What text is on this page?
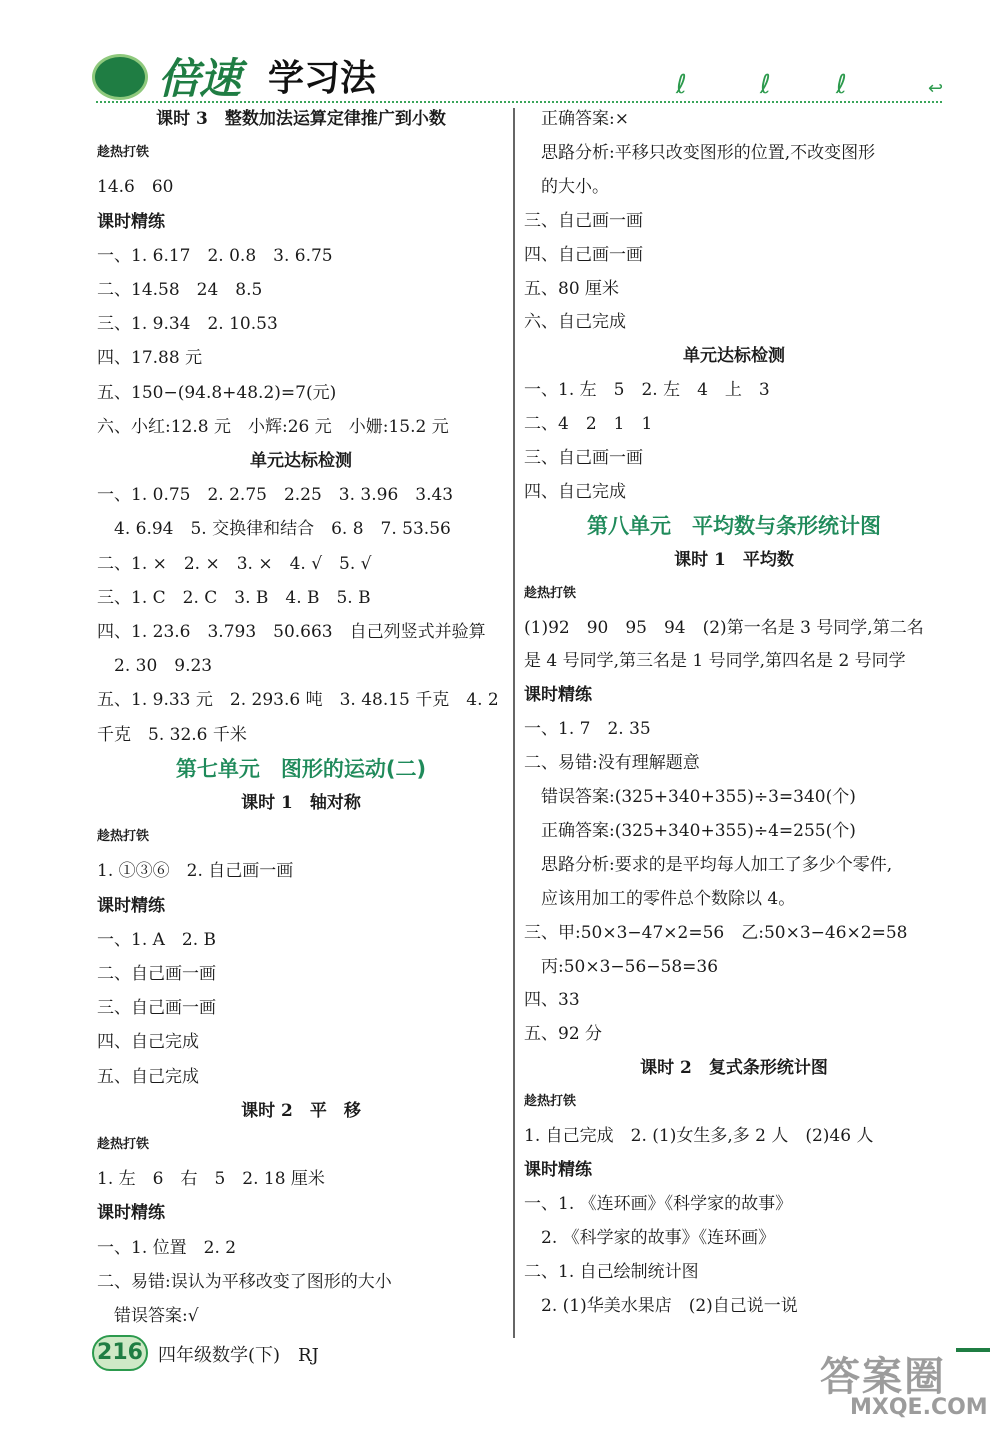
倍速 学习法	ℓ	ℓ	ℓ	↩
课时 3　整数加法运算定律推广到小数
趁热打铁
14.6　60
课时精练
一、1. 6.17　2. 0.8　3. 6.75
二、14.58　24　8.5
三、1. 9.34　2. 10.53
四、17.88 元
五、150−(94.8+48.2)=7(元)
六、小红:12.8 元　小辉:26 元　小姗:15.2 元
单元达标检测
一、1. 0.75　2. 2.75　2.25　3. 3.96　3.43
　4. 6.94　5. 交换律和结合　6. 8　7. 53.56
二、1. ×　2. ×　3. ×　4. √　5. √
三、1. C　2. C　3. B　4. B　5. B
四、1. 23.6　3.793　50.663　自己列竖式并验算
　2. 30　9.23
五、1. 9.33 元　2. 293.6 吨　3. 48.15 千克　4. 2
千克　5. 32.6 千米
第七单元　图形的运动(二)
课时 1　轴对称
趁热打铁
1. ①③⑥　2. 自己画一画
课时精练
一、1. A　2. B
二、自己画一画
三、自己画一画
四、自己完成
五、自己完成
课时 2　平　移
趁热打铁
1. 左　6　右　5　2. 18 厘米
课时精练
一、1. 位置　2. 2
二、易错:误认为平移改变了图形的大小
　错误答案:√
　正确答案:×
　思路分析:平移只改变图形的位置,不改变图形
　的大小。
三、自己画一画
四、自己画一画
五、80 厘米
六、自己完成
单元达标检测
一、1. 左　5　2. 左　4　上　3
二、4　2　1　1
三、自己画一画
四、自己完成
第八单元　平均数与条形统计图
课时 1　平均数
趁热打铁
(1)92　90　95　94　(2)第一名是 3 号同学,第二名
是 4 号同学,第三名是 1 号同学,第四名是 2 号同学
课时精练
一、1. 7　2. 35
二、易错:没有理解题意
　错误答案:(325+340+355)÷3=340(个)
　正确答案:(325+340+355)÷4=255(个)
　思路分析:要求的是平均每人加工了多少个零件,
　应该用加工的零件总个数除以 4。
三、甲:50×3−47×2=56　乙:50×3−46×2=58
　丙:50×3−56−58=36
四、33
五、92 分
课时 2　复式条形统计图
趁热打铁
1. 自己完成　2. (1)女生多,多 2 人　(2)46 人
课时精练
一、1. 《连环画》《科学家的故事》
　2. 《科学家的故事》《连环画》
二、1. 自己绘制统计图
　2. (1)华美水果店　(2)自己说一说
216 四年级数学(下)　RJ	答案圈
MXQE.COM
